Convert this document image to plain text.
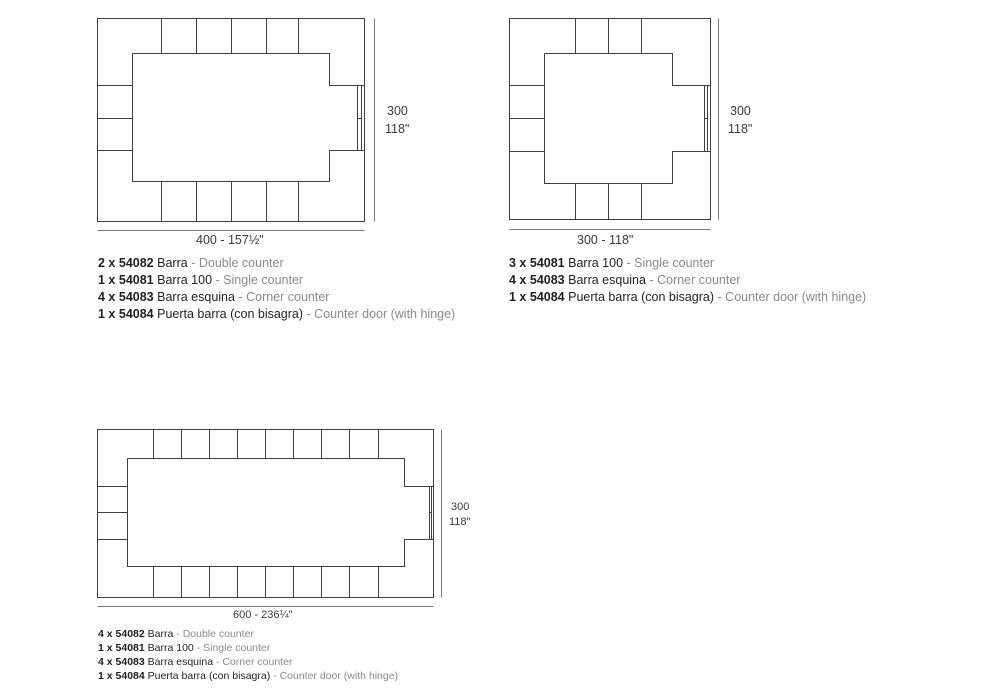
400 - 157½"
300
118"
300 - 118"
300
118"
600 - 236¼"
300
118"
2 x 54082 Barra - Double counter
1 x 54081 Barra 100 - Single counter
4 x 54083 Barra esquina - Corner counter
1 x 54084 Puerta barra (con bisagra) - Counter door (with hinge)
3 x 54081 Barra 100 - Single counter
4 x 54083 Barra esquina - Corner counter
1 x 54084 Puerta barra (con bisagra) - Counter door (with hinge)
4 x 54082 Barra - Double counter
1 x 54081 Barra 100 - Single counter
4 x 54083 Barra esquina - Corner counter
1 x 54084 Puerta barra (con bisagra) - Counter door (with hinge)
